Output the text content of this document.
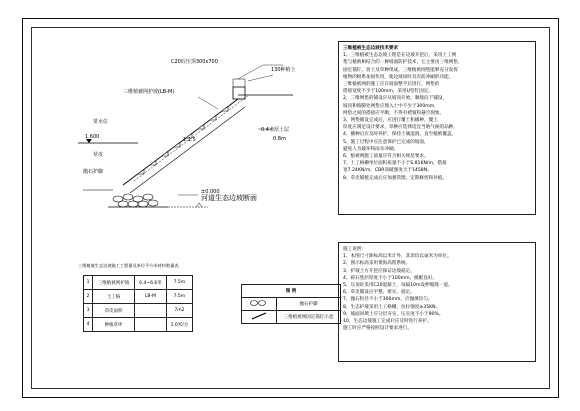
C20砼压顶300x700
130种植土
三维植被网护坡(LB-M)
0.4米厚土层
0.8m
常水位
1.600	1:1.5
草皮
抛石护脚
±0.000
河道生态边坡断面
三维植被生态边坡施工工程量及单位平方米材料数量表
1	三维植被网护坡	6.4~6.6米	7.5m
2	土工格	LB-M	7.5m
3	草皮面积		7m2
4	种植草坪		1.0米/方
图 例	
	抛石护脚
	三维植被网固定锚钉示意
三维植被生态边坡技术要求
1、三维植被生态边坡工程是在边坡开挖后，采用土工网
垫与植被相结合的一种坡面防护技术，它主要由三维网垫、
固定锚钉、客土及草种组成。三维植被网垫能够充分发挥
植物的根系加固作用，使边坡同时具有防冲刷的功能，
三维植被网的施工应在坡面整平后进行，网垫的
搭接宽度不少于100mm，采用U型钉固定。
2、三维网垫的铺设应从坡顶开始，顺坡向下铺设，
坡顶和坡脚处网垫应埋入土中不少于300mm，
网垫之间的搭接应平顺，不得有褶皱和悬空现象。
3、网垫铺设完成后，应进行覆土和播种，覆土
厚度应满足设计要求，草种应选择适宜当地气候的品种。
4、播种后应及时养护，保持土壤湿润，直至植被覆盖。
5、施工过程中应注意保护已完成的坡面，
避免人为破坏和雨水冲刷。
6、植被网施工质量应符合相关规范要求。
7、土工格栅单位面积质量不小于S.81KN/m，搭接
宽7.24KN/m，CBR顶破强度大于1458N。
8、草皮铺植完成后应加强管理，定期修剪和补植。
施工说明：
1、本图尺寸除标高以米计外，其余均以毫米为单位。
2、图示标高采用黄海高程系统。
3、护坡土方开挖应保证边坡稳定。
4、碎石垫层厚度不小于100mm，级配良好。
5、压顶砼采用C20混凝土，每隔10m设伸缩缝一道。
6、草皮铺设应平整、密实、稳定。
7、抛石粒径不小于300mm，应抛填均匀。
8、生态护坡采用土工格栅，抗拉强度≥35KN。
9、坡面回填土应分层夯实，压实度不小于90%。
10、生态边坡施工完成后应及时进行养护。
施工时应严格按照设计要求进行。
